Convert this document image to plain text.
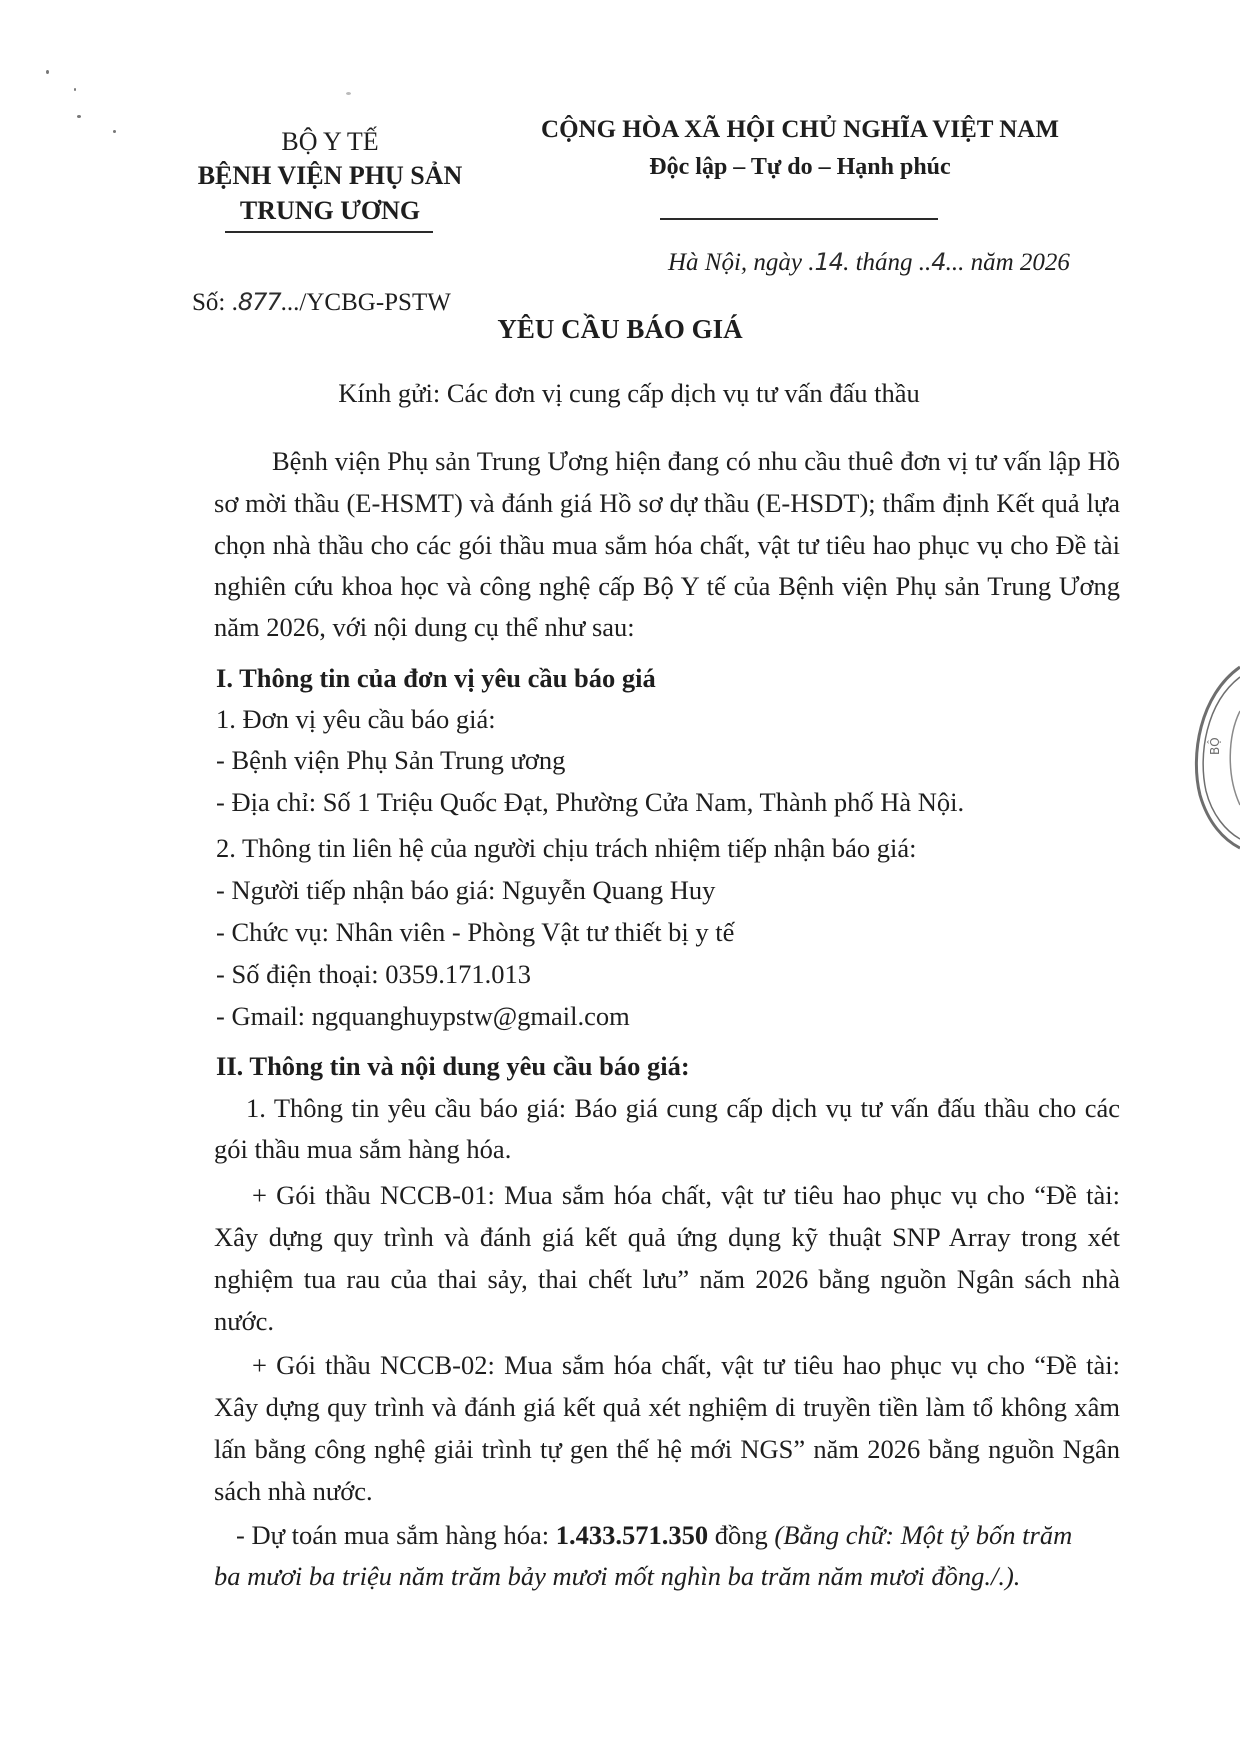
BỘ Y TẾ
BỆNH VIỆN PHỤ SẢN
TRUNG ƯƠNG
CỘNG HÒA XÃ HỘI CHỦ NGHĨA VIỆT NAM
Độc lập – Tự do – Hạnh phúc
Số: .877.../YCBG-PSTW
Hà Nội, ngày .14. tháng ..4... năm 2026
YÊU CẦU BÁO GIÁ
Kính gửi: Các đơn vị cung cấp dịch vụ tư vấn đấu thầu
Bệnh viện Phụ sản Trung Ương hiện đang có nhu cầu thuê đơn vị tư vấn lập Hồ
sơ mời thầu (E-HSMT) và đánh giá Hồ sơ dự thầu (E-HSDT); thẩm định Kết quả lựa
chọn nhà thầu cho các gói thầu mua sắm hóa chất, vật tư tiêu hao phục vụ cho Đề tài
nghiên cứu khoa học và công nghệ cấp Bộ Y tế của Bệnh viện Phụ sản Trung Ương
năm 2026, với nội dung cụ thể như sau:
I. Thông tin của đơn vị yêu cầu báo giá
1. Đơn vị yêu cầu báo giá:
- Bệnh viện Phụ Sản Trung ương
- Địa chỉ: Số 1 Triệu Quốc Đạt, Phường Cửa Nam, Thành phố Hà Nội.
2. Thông tin liên hệ của người chịu trách nhiệm tiếp nhận báo giá:
- Người tiếp nhận báo giá: Nguyễn Quang Huy
- Chức vụ: Nhân viên - Phòng Vật tư thiết bị y tế
- Số điện thoại: 0359.171.013
- Gmail: ngquanghuypstw@gmail.com
II. Thông tin và nội dung yêu cầu báo giá:
1. Thông tin yêu cầu báo giá: Báo giá cung cấp dịch vụ tư vấn đấu thầu cho các
gói thầu mua sắm hàng hóa.
+ Gói thầu NCCB-01: Mua sắm hóa chất, vật tư tiêu hao phục vụ cho “Đề tài:
Xây dựng quy trình và đánh giá kết quả ứng dụng kỹ thuật SNP Array trong xét
nghiệm tua rau của thai sảy, thai chết lưu” năm 2026 bằng nguồn Ngân sách nhà
nước.
+ Gói thầu NCCB-02: Mua sắm hóa chất, vật tư tiêu hao phục vụ cho “Đề tài:
Xây dựng quy trình và đánh giá kết quả xét nghiệm di truyền tiền làm tổ không xâm
lấn bằng công nghệ giải trình tự gen thế hệ mới NGS” năm 2026 bằng nguồn Ngân
sách nhà nước.
- Dự toán mua sắm hàng hóa: 1.433.571.350 đồng (Bằng chữ: Một tỷ bốn trăm
ba mươi ba triệu năm trăm bảy mươi mốt nghìn ba trăm năm mươi đồng./.).
BỘ
